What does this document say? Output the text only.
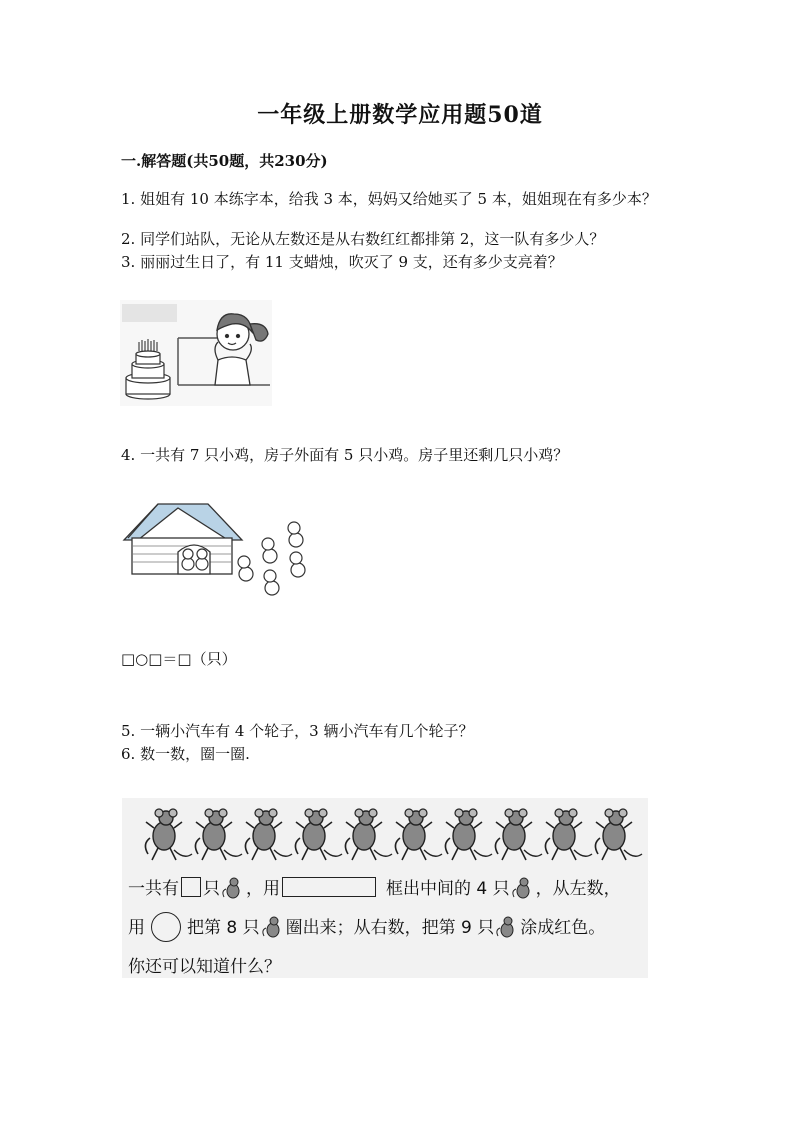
一年级上册数学应用题50道
一.解答题(共50题，共230分)
1. 姐姐有 10 本练字本，给我 3 本，妈妈又给她买了 5 本，姐姐现在有多少本？
2. 同学们站队，无论从左数还是从右数红红都排第 2，这一队有多少人？
3. 丽丽过生日了，有 11 支蜡烛，吹灭了 9 支，还有多少支亮着？
4. 一共有 7 只小鸡，房子外面有 5 只小鸡。房子里还剩几只小鸡？
□○□＝□（只）
5. 一辆小汽车有 4 个轮子，3 辆小汽车有几个轮子？
6. 数一数，圈一圈.
一共有 只 ，用	框出中间的 4 只 ，从左数，
用 把第 8 只 圈出来；从右数，把第 9 只 涂成红色。
你还可以知道什么？
